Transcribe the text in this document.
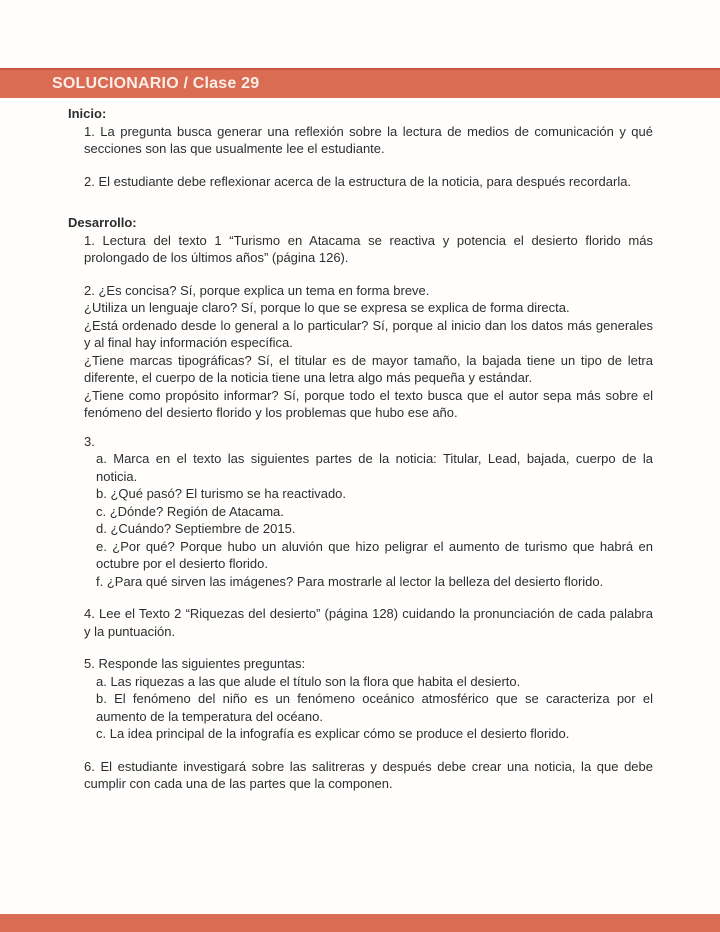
SOLUCIONARIO / Clase 29

Inicio:

1. La pregunta busca generar una reflexión sobre la lectura de medios de comunicación y qué secciones son las que usualmente lee el estudiante.

2. El estudiante debe reflexionar acerca de la estructura de la noticia, para después recordarla.

Desarrollo:

1. Lectura del texto 1 “Turismo en Atacama se reactiva y potencia el desierto florido más prolongado de los últimos años” (página 126).

2. ¿Es concisa? Sí, porque explica un tema en forma breve.

¿Utiliza un lenguaje claro? Sí, porque lo que se expresa se explica de forma directa.

¿Está ordenado desde lo general a lo particular? Sí, porque al inicio dan los datos más generales y al final hay información específica.

¿Tiene marcas tipográficas? Sí, el titular es de mayor tamaño, la bajada tiene un tipo de letra diferente, el cuerpo de la noticia tiene una letra algo más pequeña y estándar.

¿Tiene como propósito informar? Sí, porque todo el texto busca que el autor sepa más sobre el fenómeno del desierto florido y los problemas que hubo ese año.

3.

a. Marca en el texto las siguientes partes de la noticia: Titular, Lead, bajada, cuerpo de la noticia.

b. ¿Qué pasó? El turismo se ha reactivado.

c. ¿Dónde? Región de Atacama.

d. ¿Cuándo? Septiembre de 2015.

e. ¿Por qué? Porque hubo un aluvión que hizo peligrar el aumento de turismo que habrá en octubre por el desierto florido.

f. ¿Para qué sirven las imágenes? Para mostrarle al lector la belleza del desierto florido.

4. Lee el Texto 2 “Riquezas del desierto” (página 128) cuidando la pronunciación de cada palabra y la puntuación.

5. Responde las siguientes preguntas:

a. Las riquezas a las que alude el título son la flora que habita el desierto.

b. El fenómeno del niño es un fenómeno oceánico atmosférico que se caracteriza por el aumento de la temperatura del océano.

c. La idea principal de la infografía es explicar cómo se produce el desierto florido.

6. El estudiante investigará sobre las salitreras y después debe crear una noticia, la que debe cumplir con cada una de las partes que la componen.
